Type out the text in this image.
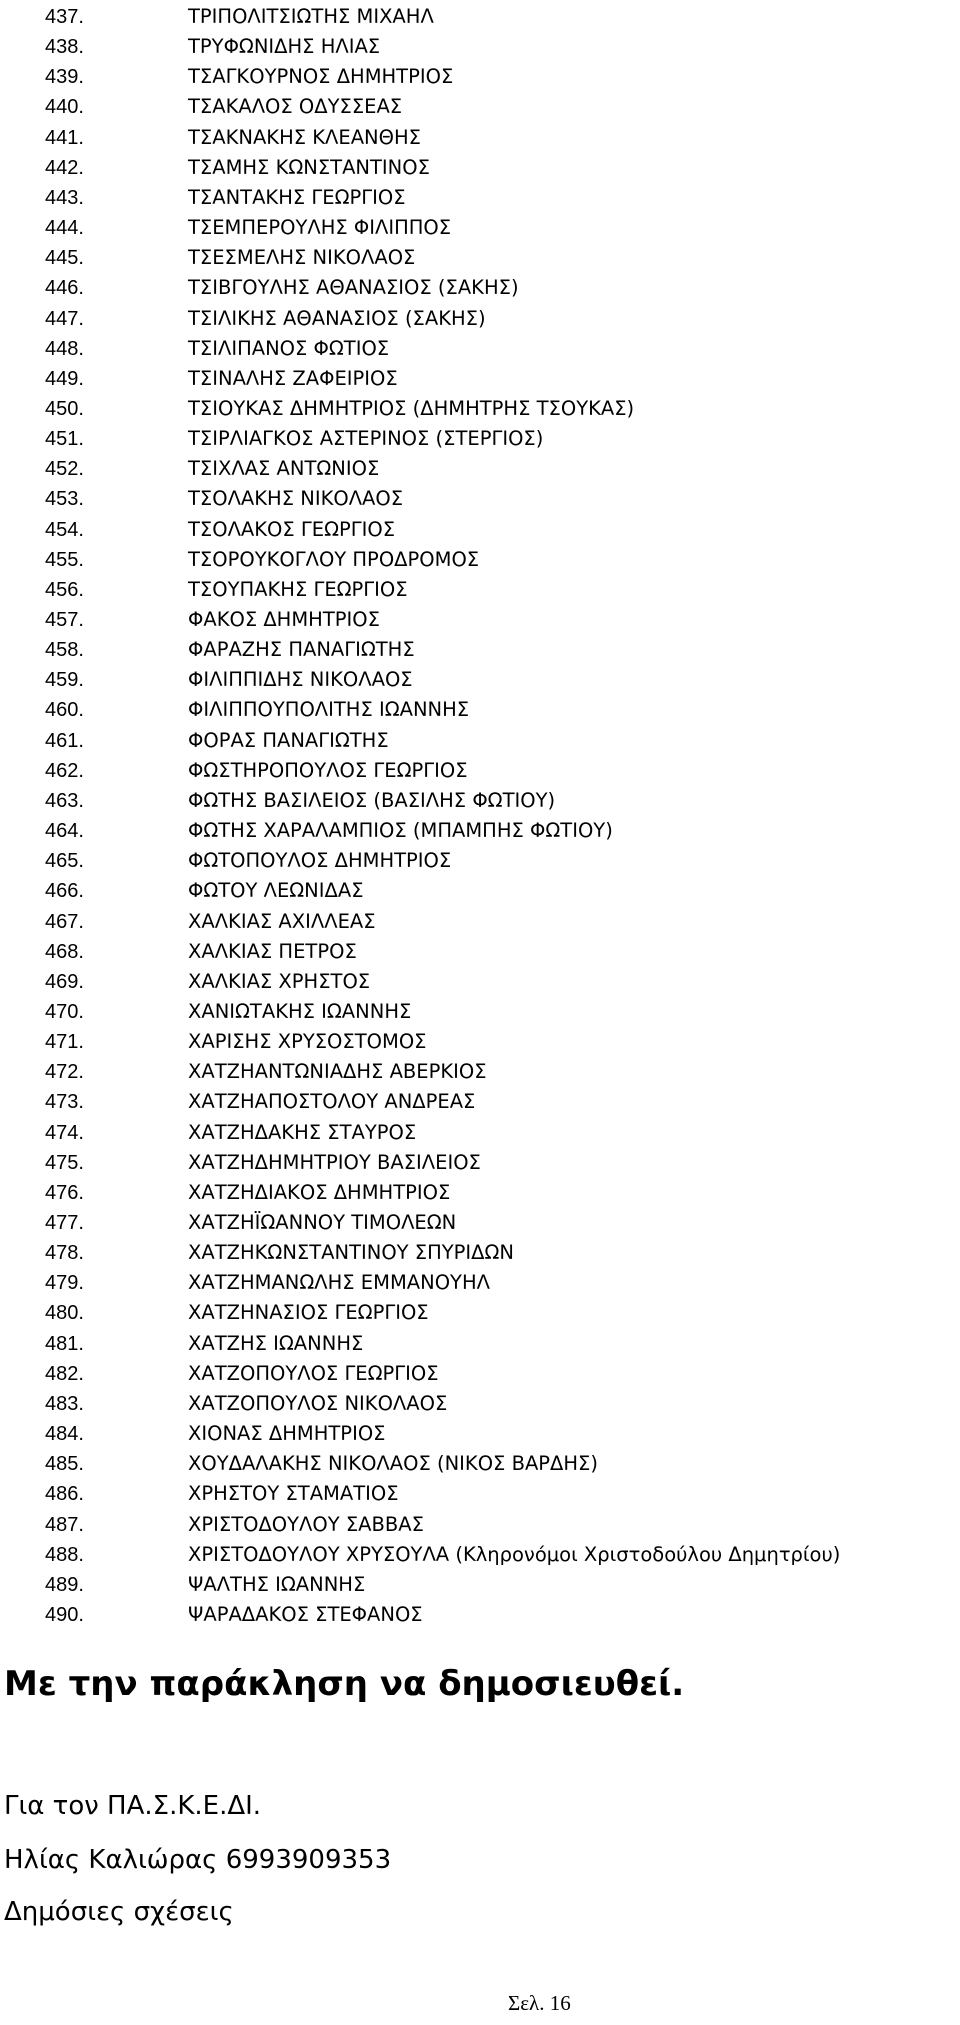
437.	ΤΡΙΠΟΛΙΤΣΙΩΤΗΣ ΜΙΧΑΗΛ
438.	ΤΡΥΦΩΝΙΔΗΣ ΗΛΙΑΣ
439.	ΤΣΑΓΚΟΥΡΝΟΣ ΔΗΜΗΤΡΙΟΣ
440.	ΤΣΑΚΑΛΟΣ ΟΔΥΣΣΕΑΣ
441.	ΤΣΑΚΝΑΚΗΣ ΚΛΕΑΝΘΗΣ
442.	ΤΣΑΜΗΣ ΚΩΝΣΤΑΝΤΙΝΟΣ
443.	ΤΣΑΝΤΑΚΗΣ ΓΕΩΡΓΙΟΣ
444.	ΤΣΕΜΠΕΡΟΥΛΗΣ ΦΙΛΙΠΠΟΣ
445.	ΤΣΕΣΜΕΛΗΣ ΝΙΚΟΛΑΟΣ
446.	ΤΣΙΒΓΟΥΛΗΣ ΑΘΑΝΑΣΙΟΣ (ΣΑΚΗΣ)
447.	ΤΣΙΛΙΚΗΣ ΑΘΑΝΑΣΙΟΣ (ΣΑΚΗΣ)
448.	ΤΣΙΛΙΠΑΝΟΣ ΦΩΤΙΟΣ
449.	ΤΣΙΝΑΛΗΣ ΖΑΦΕΙΡΙΟΣ
450.	ΤΣΙΟΥΚΑΣ ΔΗΜΗΤΡΙΟΣ (ΔΗΜΗΤΡΗΣ ΤΣΟΥΚΑΣ)
451.	ΤΣΙΡΛΙΑΓΚΟΣ ΑΣΤΕΡΙΝΟΣ (ΣΤΕΡΓΙΟΣ)
452.	ΤΣΙΧΛΑΣ ΑΝΤΩΝΙΟΣ
453.	ΤΣΟΛΑΚΗΣ ΝΙΚΟΛΑΟΣ
454.	ΤΣΟΛΑΚΟΣ ΓΕΩΡΓΙΟΣ
455.	ΤΣΟΡΟΥΚΟΓΛΟΥ ΠΡΟΔΡΟΜΟΣ
456.	ΤΣΟΥΠΑΚΗΣ ΓΕΩΡΓΙΟΣ
457.	ΦΑΚΟΣ ΔΗΜΗΤΡΙΟΣ
458.	ΦΑΡΑΖΗΣ ΠΑΝΑΓΙΩΤΗΣ
459.	ΦΙΛΙΠΠΙΔΗΣ ΝΙΚΟΛΑΟΣ
460.	ΦΙΛΙΠΠΟΥΠΟΛΙΤΗΣ ΙΩΑΝΝΗΣ
461.	ΦΟΡΑΣ ΠΑΝΑΓΙΩΤΗΣ
462.	ΦΩΣΤΗΡΟΠΟΥΛΟΣ ΓΕΩΡΓΙΟΣ
463.	ΦΩΤΗΣ ΒΑΣΙΛΕΙΟΣ (ΒΑΣΙΛΗΣ ΦΩΤΙΟΥ)
464.	ΦΩΤΗΣ ΧΑΡΑΛΑΜΠΙΟΣ (ΜΠΑΜΠΗΣ ΦΩΤΙΟΥ)
465.	ΦΩΤΟΠΟΥΛΟΣ ΔΗΜΗΤΡΙΟΣ
466.	ΦΩΤΟΥ ΛΕΩΝΙΔΑΣ
467.	ΧΑΛΚΙΑΣ ΑΧΙΛΛΕΑΣ
468.	ΧΑΛΚΙΑΣ ΠΕΤΡΟΣ
469.	ΧΑΛΚΙΑΣ ΧΡΗΣΤΟΣ
470.	ΧΑΝΙΩΤΑΚΗΣ ΙΩΑΝΝΗΣ
471.	ΧΑΡΙΣΗΣ ΧΡΥΣΟΣΤΟΜΟΣ
472.	ΧΑΤΖΗΑΝΤΩΝΙΑΔΗΣ ΑΒΕΡΚΙΟΣ
473.	ΧΑΤΖΗΑΠΟΣΤΟΛΟΥ ΑΝΔΡΕΑΣ
474.	ΧΑΤΖΗΔΑΚΗΣ ΣΤΑΥΡΟΣ
475.	ΧΑΤΖΗΔΗΜΗΤΡΙΟΥ ΒΑΣΙΛΕΙΟΣ
476.	ΧΑΤΖΗΔΙΑΚΟΣ ΔΗΜΗΤΡΙΟΣ
477.	ΧΑΤΖΗΪΩΑΝΝΟΥ ΤΙΜΟΛΕΩΝ
478.	ΧΑΤΖΗΚΩΝΣΤΑΝΤΙΝΟΥ ΣΠΥΡΙΔΩΝ
479.	ΧΑΤΖΗΜΑΝΩΛΗΣ ΕΜΜΑΝΟΥΗΛ
480.	ΧΑΤΖΗΝΑΣΙΟΣ ΓΕΩΡΓΙΟΣ
481.	ΧΑΤΖΗΣ ΙΩΑΝΝΗΣ
482.	ΧΑΤΖΟΠΟΥΛΟΣ ΓΕΩΡΓΙΟΣ
483.	ΧΑΤΖΟΠΟΥΛΟΣ ΝΙΚΟΛΑΟΣ
484.	ΧΙΟΝΑΣ ΔΗΜΗΤΡΙΟΣ
485.	ΧΟΥΔΑΛΑΚΗΣ ΝΙΚΟΛΑΟΣ (ΝΙΚΟΣ ΒΑΡΔΗΣ)
486.	ΧΡΗΣΤΟΥ ΣΤΑΜΑΤΙΟΣ
487.	ΧΡΙΣΤΟΔΟΥΛΟΥ ΣΑΒΒΑΣ
488.	ΧΡΙΣΤΟΔΟΥΛΟΥ ΧΡΥΣΟΥΛΑ (Κληρονόμοι Χριστοδούλου Δημητρίου)
489.	ΨΑΛΤΗΣ ΙΩΑΝΝΗΣ
490.	ΨΑΡΑΔΑΚΟΣ ΣΤΕΦΑΝΟΣ
Με την παράκληση να δημοσιευθεί.
Για τον ΠΑ.Σ.Κ.Ε.ΔΙ.
Ηλίας Καλιώρας 6993909353
Δημόσιες σχέσεις
Σελ. 16
